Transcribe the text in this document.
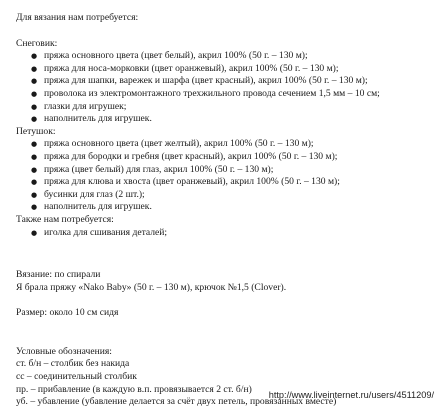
Для вязания нам потребуется:

Снеговик:

● пряжа основного цвета (цвет белый), акрил 100% (50 г. – 130 м);
● пряжа для носа-морковки (цвет оранжевый), акрил 100% (50 г. – 130 м);
● пряжа для шапки, варежек и шарфа (цвет красный), акрил 100% (50 г. – 130 м);
● проволока из электромонтажного трехжильного провода сечением 1,5 мм – 10 см;
● глазки для игрушек;
● наполнитель для игрушек.

Петушок:

● пряжа основного цвета (цвет желтый), акрил 100% (50 г. – 130 м);
● пряжа для бородки и гребня (цвет красный), акрил 100% (50 г. – 130 м);
● пряжа (цвет белый) для глаз, акрил 100% (50 г. – 130 м);
● пряжа для клюва и хвоста (цвет оранжевый), акрил 100% (50 г. – 130 м);
● бусинки для глаз (2 шт.);
● наполнитель для игрушек.

Также нам потребуется:

● иголка для сшивания деталей;

Вязание: по спирали

Я брала пряжу «Nako Baby» (50 г. – 130 м), крючок №1,5 (Clover).

Размер: около 10 см сидя

Условные обозначения:

ст. б/н – столбик без накида

сс – соединительный столбик

пр. – прибавление (в каждую в.п. провязывается 2 ст. б/н)

уб. – убавление (убавление делается за счёт двух петель, провязанных вместе)

http://www.liveinternet.ru/users/4511209/
